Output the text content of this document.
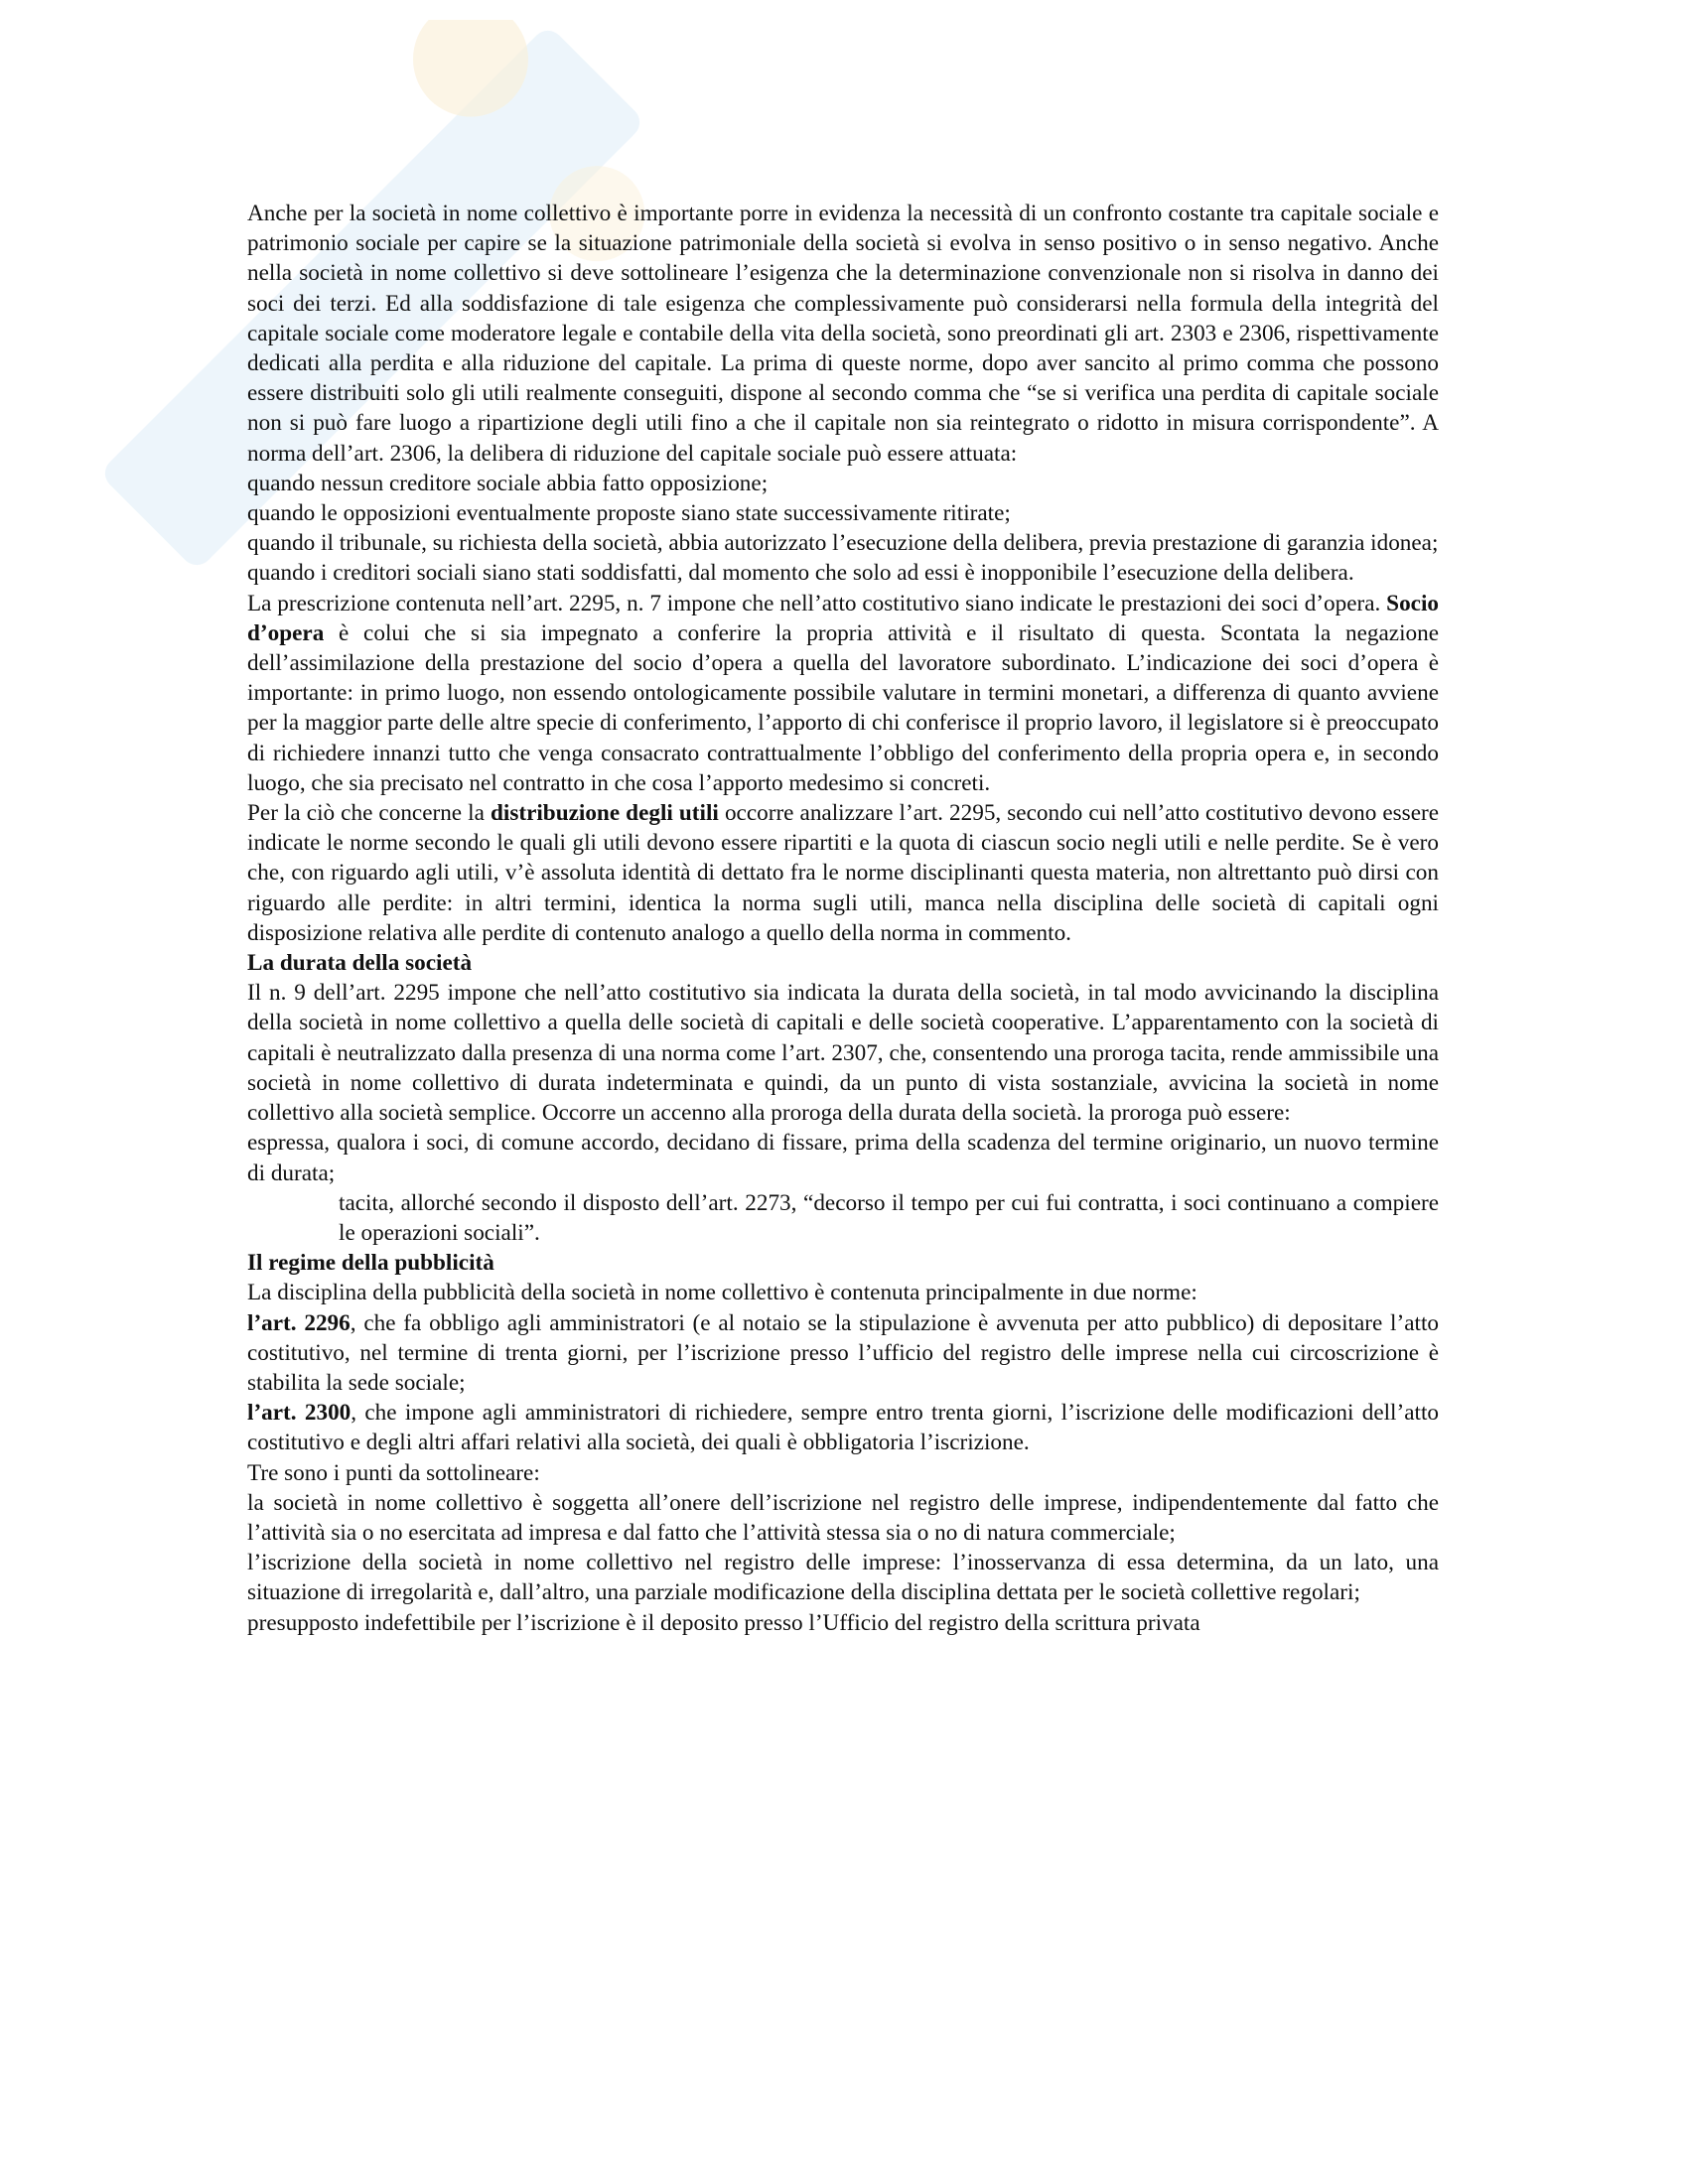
Anche per la società in nome collettivo è importante porre in evidenza la necessità di un confronto costante tra capitale sociale e patrimonio sociale per capire se la situazione patrimoniale della società si evolva in senso positivo o in senso negativo. Anche nella società in nome collettivo si deve sottolineare l’esigenza che la determinazione convenzionale non si risolva in danno dei soci dei terzi. Ed alla soddisfazione di tale esigenza che complessivamente può considerarsi nella formula della integrità del capitale sociale come moderatore legale e contabile della vita della società, sono preordinati gli art. 2303 e 2306, rispettivamente dedicati alla perdita e alla riduzione del capitale. La prima di queste norme, dopo aver sancito al primo comma che possono essere distribuiti solo gli utili realmente conseguiti, dispone al secondo comma che “se si verifica una perdita di capitale sociale non si può fare luogo a ripartizione degli utili fino a che il capitale non sia reintegrato o ridotto in misura corrispondente”. A norma dell’art. 2306, la delibera di riduzione del capitale sociale può essere attuata:

quando nessun creditore sociale abbia fatto opposizione;

quando le opposizioni eventualmente proposte siano state successivamente ritirate;

quando il tribunale, su richiesta della società, abbia autorizzato l’esecuzione della delibera, previa prestazione di garanzia idonea;

quando i creditori sociali siano stati soddisfatti, dal momento che solo ad essi è inopponibile l’esecuzione della delibera.

La prescrizione contenuta nell’art. 2295, n. 7 impone che nell’atto costitutivo siano indicate le prestazioni dei soci d’opera. Socio d’opera è colui che si sia impegnato a conferire la propria attività e il risultato di questa. Scontata la negazione dell’assimilazione della prestazione del socio d’opera a quella del lavoratore subordinato. L’indicazione dei soci d’opera è importante: in primo luogo, non essendo ontologicamente possibile valutare in termini monetari, a differenza di quanto avviene per la maggior parte delle altre specie di conferimento, l’apporto di chi conferisce il proprio lavoro, il legislatore si è preoccupato di richiedere innanzi tutto che venga consacrato contrattualmente l’obbligo del conferimento della propria opera e, in secondo luogo, che sia precisato nel contratto in che cosa l’apporto medesimo si concreti.

Per la ciò che concerne la distribuzione degli utili occorre analizzare l’art. 2295, secondo cui nell’atto costitutivo devono essere indicate le norme secondo le quali gli utili devono essere ripartiti e la quota di ciascun socio negli utili e nelle perdite. Se è vero che, con riguardo agli utili, v’è assoluta identità di dettato fra le norme disciplinanti questa materia, non altrettanto può dirsi con riguardo alle perdite: in altri termini, identica la norma sugli utili, manca nella disciplina delle società di capitali ogni disposizione relativa alle perdite di contenuto analogo a quello della norma in commento.

La durata della società

Il n. 9 dell’art. 2295 impone che nell’atto costitutivo sia indicata la durata della società, in tal modo avvicinando la disciplina della società in nome collettivo a quella delle società di capitali e delle società cooperative. L’apparentamento con la società di capitali è neutralizzato dalla presenza di una norma come l’art. 2307, che, consentendo una proroga tacita, rende ammissibile una società in nome collettivo di durata indeterminata e quindi, da un punto di vista sostanziale, avvicina la società in nome collettivo alla società semplice. Occorre un accenno alla proroga della durata della società. la proroga può essere:

espressa, qualora i soci, di comune accordo, decidano di fissare, prima della scadenza del termine originario, un nuovo termine di durata;

tacita, allorché secondo il disposto dell’art. 2273, “decorso il tempo per cui fui contratta, i soci continuano a compiere le operazioni sociali”.

Il regime della pubblicità

La disciplina della pubblicità della società in nome collettivo è contenuta principalmente in due norme:

l’art. 2296, che fa obbligo agli amministratori (e al notaio se la stipulazione è avvenuta per atto pubblico) di depositare l’atto costitutivo, nel termine di trenta giorni, per l’iscrizione presso l’ufficio del registro delle imprese nella cui circoscrizione è stabilita la sede sociale;

l’art. 2300, che impone agli amministratori di richiedere, sempre entro trenta giorni, l’iscrizione delle modificazioni dell’atto costitutivo e degli altri affari relativi alla società, dei quali è obbligatoria l’iscrizione.

Tre sono i punti da sottolineare:

la società in nome collettivo è soggetta all’onere dell’iscrizione nel registro delle imprese, indipendentemente dal fatto che l’attività sia o no esercitata ad impresa e dal fatto che l’attività stessa sia o no di natura commerciale;

l’iscrizione della società in nome collettivo nel registro delle imprese: l’inosservanza di essa determina, da un lato, una situazione di irregolarità e, dall’altro, una parziale modificazione della disciplina dettata per le società collettive regolari;

presupposto indefettibile per l’iscrizione è il deposito presso l’Ufficio del registro della scrittura privata
